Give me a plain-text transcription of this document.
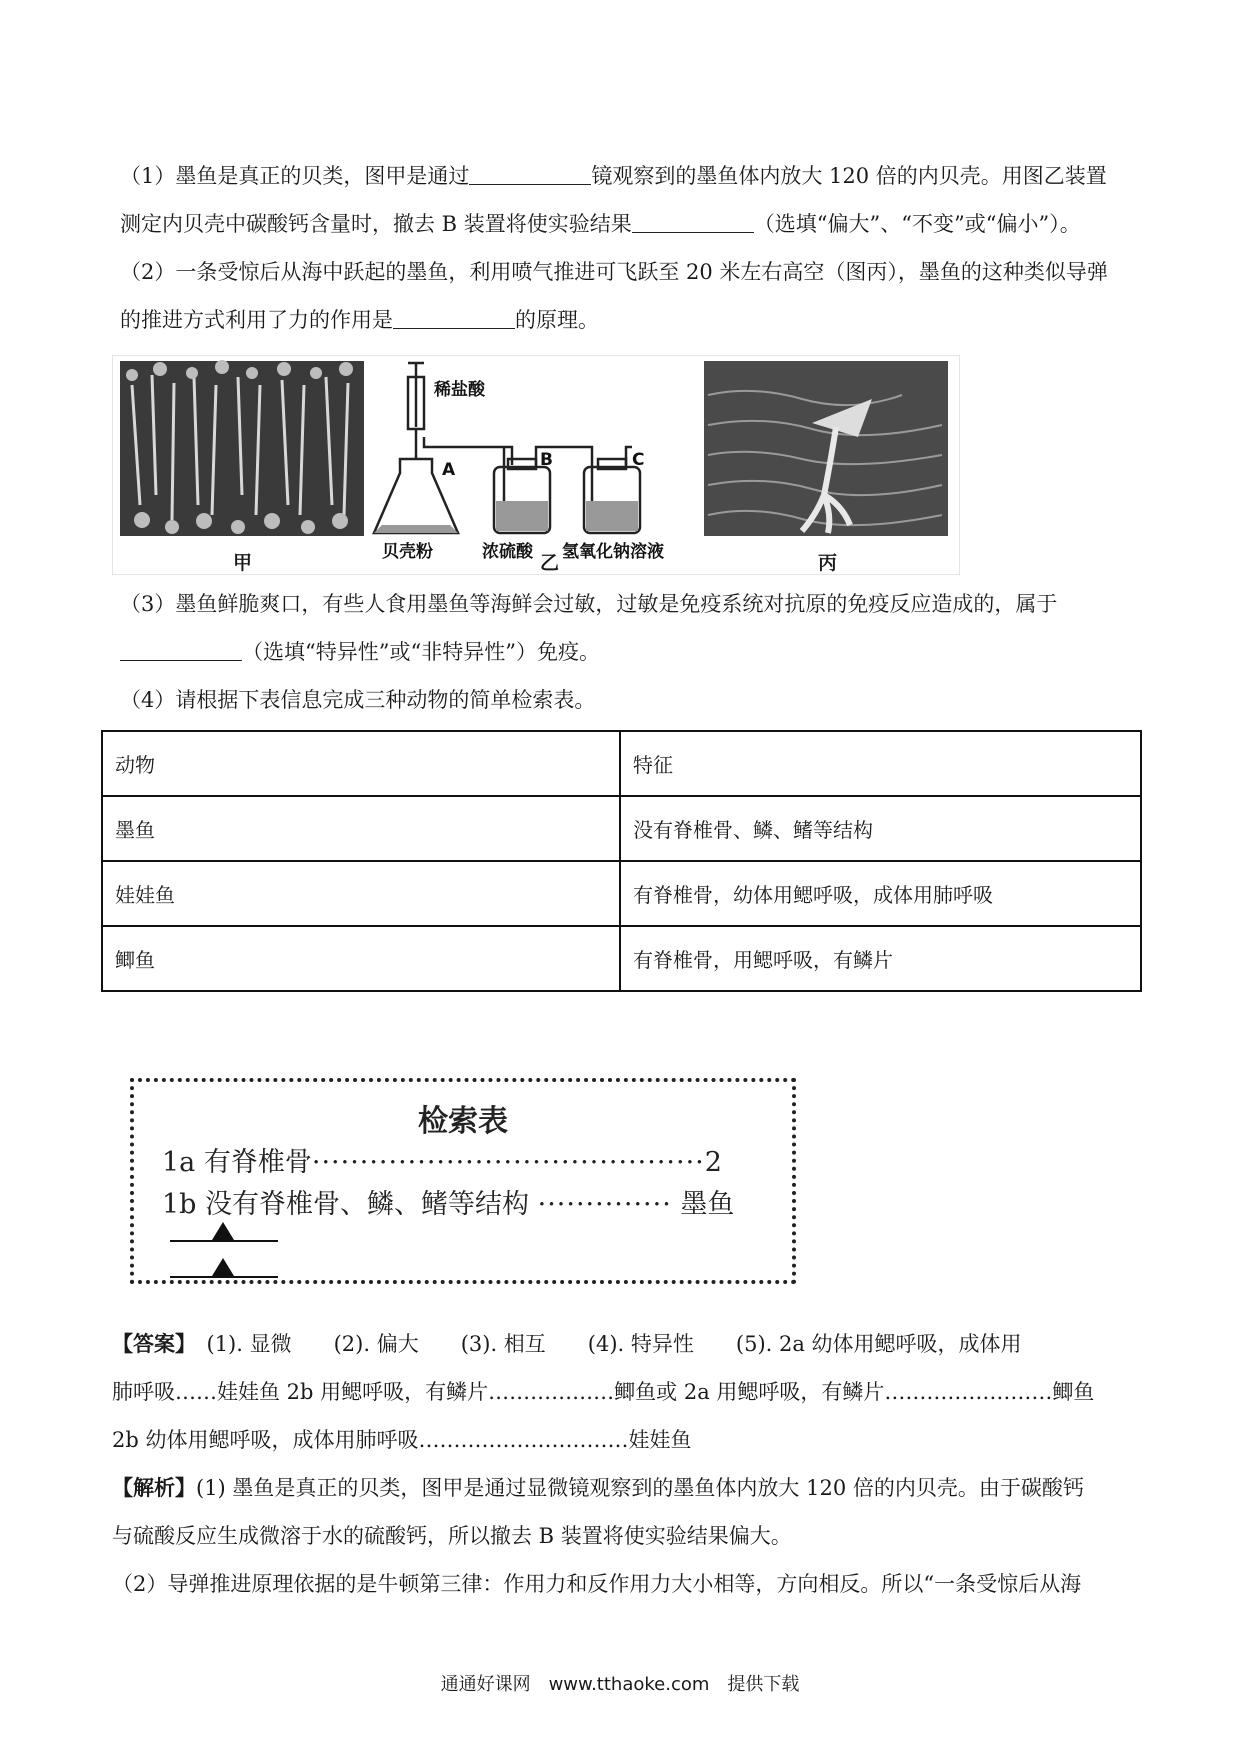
（1）墨鱼是真正的贝类，图甲是通过	镜观察到的墨鱼体内放大 120 倍的内贝壳。用图乙装置
测定内贝壳中碳酸钙含量时，撤去 B 装置将使实验结果	（选填“偏大”、“不变”或“偏小”）。
（2）一条受惊后从海中跃起的墨鱼，利用喷气推进可飞跃至 20 米左右高空（图丙），墨鱼的这种类似导弹
的推进方式利用了力的作用是	的原理。
稀盐酸
A	B	C
贝壳粉	浓硫酸 氢氧化钠溶液
甲	乙	丙
（3）墨鱼鲜脆爽口，有些人食用墨鱼等海鲜会过敏，过敏是免疫系统对抗原的免疫反应造成的，属于
（选填“特异性”或“非特异性”）免疫。
（4）请根据下表信息完成三种动物的简单检索表。
动物	特征
墨鱼	没有脊椎骨、鳞、鳍等结构
娃娃鱼	有脊椎骨，幼体用鳃呼吸，成体用肺呼吸
鲫鱼	有脊椎骨，用鳃呼吸，有鳞片
检索表
1a 有脊椎骨·········································2
1b 没有脊椎骨、鳞、鳍等结构 ·············· 墨鱼
【答案】　 (1). 显微　　(2). 偏大　　(3). 相互　　(4). 特异性　　(5). 2a 幼体用鳃呼吸，成体用
肺呼吸……娃娃鱼 2b 用鳃呼吸，有鳞片………………鲫鱼或 2a 用鳃呼吸，有鳞片……………………鲫鱼
2b 幼体用鳃呼吸，成体用肺呼吸…………………………娃娃鱼
【解析】(1) 墨鱼是真正的贝类，图甲是通过显微镜观察到的墨鱼体内放大 120 倍的内贝壳。由于碳酸钙
与硫酸反应生成微溶于水的硫酸钙，所以撤去 B 装置将使实验结果偏大。
（2）导弹推进原理依据的是牛顿第三律：作用力和反作用力大小相等，方向相反。所以“一条受惊后从海
通通好课网　www.tthaoke.com　提供下载
